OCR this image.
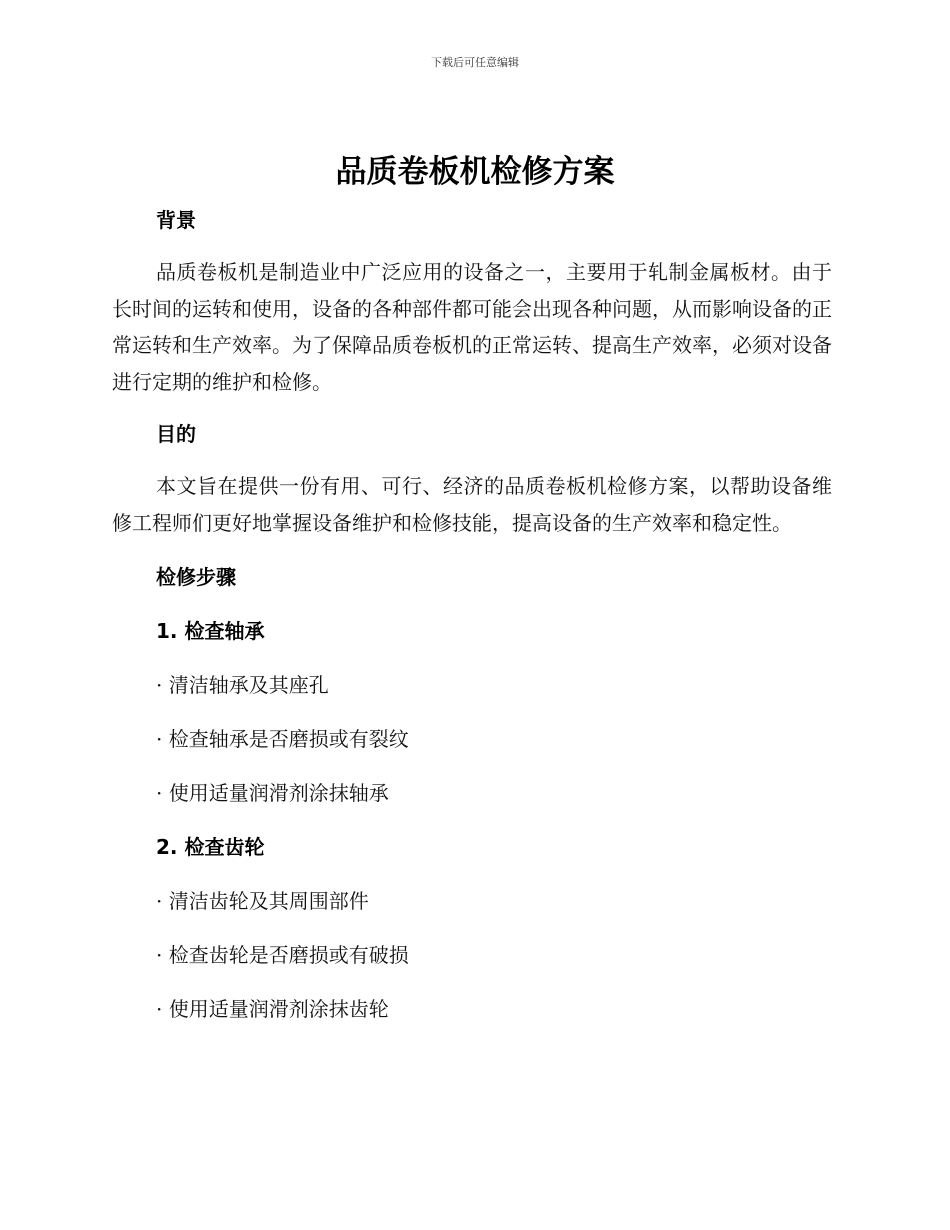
下载后可任意编辑
品质卷板机检修方案
背景

品质卷板机是制造业中广泛应用的设备之一，主要用于轧制金属板材。由于长时间的运转和使用，设备的各种部件都可能会出现各种问题，从而影响设备的正常运转和生产效率。为了保障品质卷板机的正常运转、提高生产效率，必须对设备进行定期的维护和检修。

目的

本文旨在提供一份有用、可行、经济的品质卷板机检修方案，以帮助设备维修工程师们更好地掌握设备维护和检修技能，提高设备的生产效率和稳定性。

检修步骤
1. 检查轴承

· 清洁轴承及其座孔

· 检查轴承是否磨损或有裂纹

· 使用适量润滑剂涂抹轴承

2. 检查齿轮

· 清洁齿轮及其周围部件

· 检查齿轮是否磨损或有破损

· 使用适量润滑剂涂抹齿轮
